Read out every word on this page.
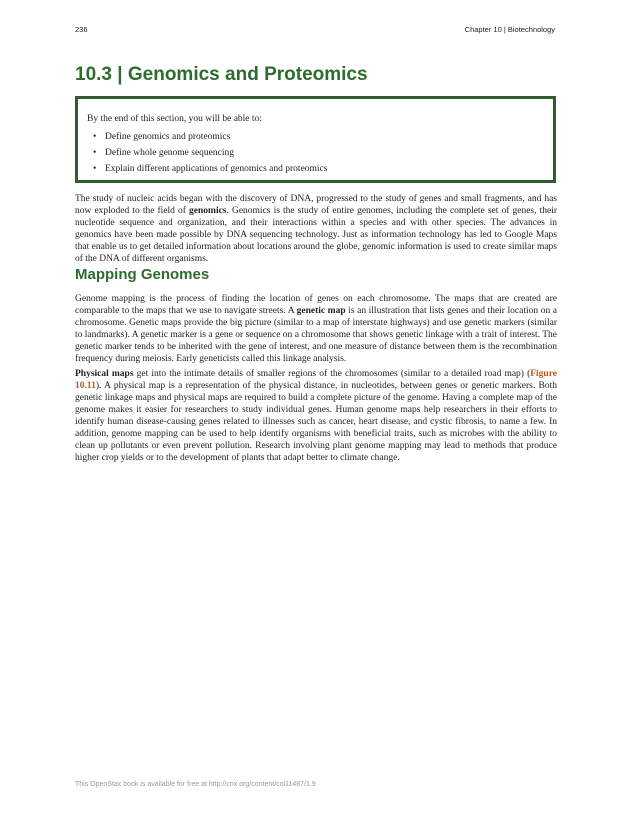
236	Chapter 10 | Biotechnology
10.3 | Genomics and Proteomics
By the end of this section, you will be able to:
• Define genomics and proteomics
• Define whole genome sequencing
• Explain different applications of genomics and proteomics

The study of nucleic acids began with the discovery of DNA, progressed to the study of genes and small fragments, and has now exploded to the field of genomics. Genomics is the study of entire genomes, including the complete set of genes, their nucleotide sequence and organization, and their interactions within a species and with other species. The advances in genomics have been made possible by DNA sequencing technology. Just as information technology has led to Google Maps that enable us to get detailed information about locations around the globe, genomic information is used to create similar maps of the DNA of different organisms.

Mapping Genomes

Genome mapping is the process of finding the location of genes on each chromosome. The maps that are created are comparable to the maps that we use to navigate streets. A genetic map is an illustration that lists genes and their location on a chromosome. Genetic maps provide the big picture (similar to a map of interstate highways) and use genetic markers (similar to landmarks). A genetic marker is a gene or sequence on a chromosome that shows genetic linkage with a trait of interest. The genetic marker tends to be inherited with the gene of interest, and one measure of distance between them is the recombination frequency during meiosis. Early geneticists called this linkage analysis.

Physical maps get into the intimate details of smaller regions of the chromosomes (similar to a detailed road map) (Figure 10.11). A physical map is a representation of the physical distance, in nucleotides, between genes or genetic markers. Both genetic linkage maps and physical maps are required to build a complete picture of the genome. Having a complete map of the genome makes it easier for researchers to study individual genes. Human genome maps help researchers in their efforts to identify human disease-causing genes related to illnesses such as cancer, heart disease, and cystic fibrosis, to name a few. In addition, genome mapping can be used to help identify organisms with beneficial traits, such as microbes with the ability to clean up pollutants or even prevent pollution. Research involving plant genome mapping may lead to methods that produce higher crop yields or to the development of plants that adapt better to climate change.

This OpenStax book is available for free at http://cnx.org/content/col11487/1.9
